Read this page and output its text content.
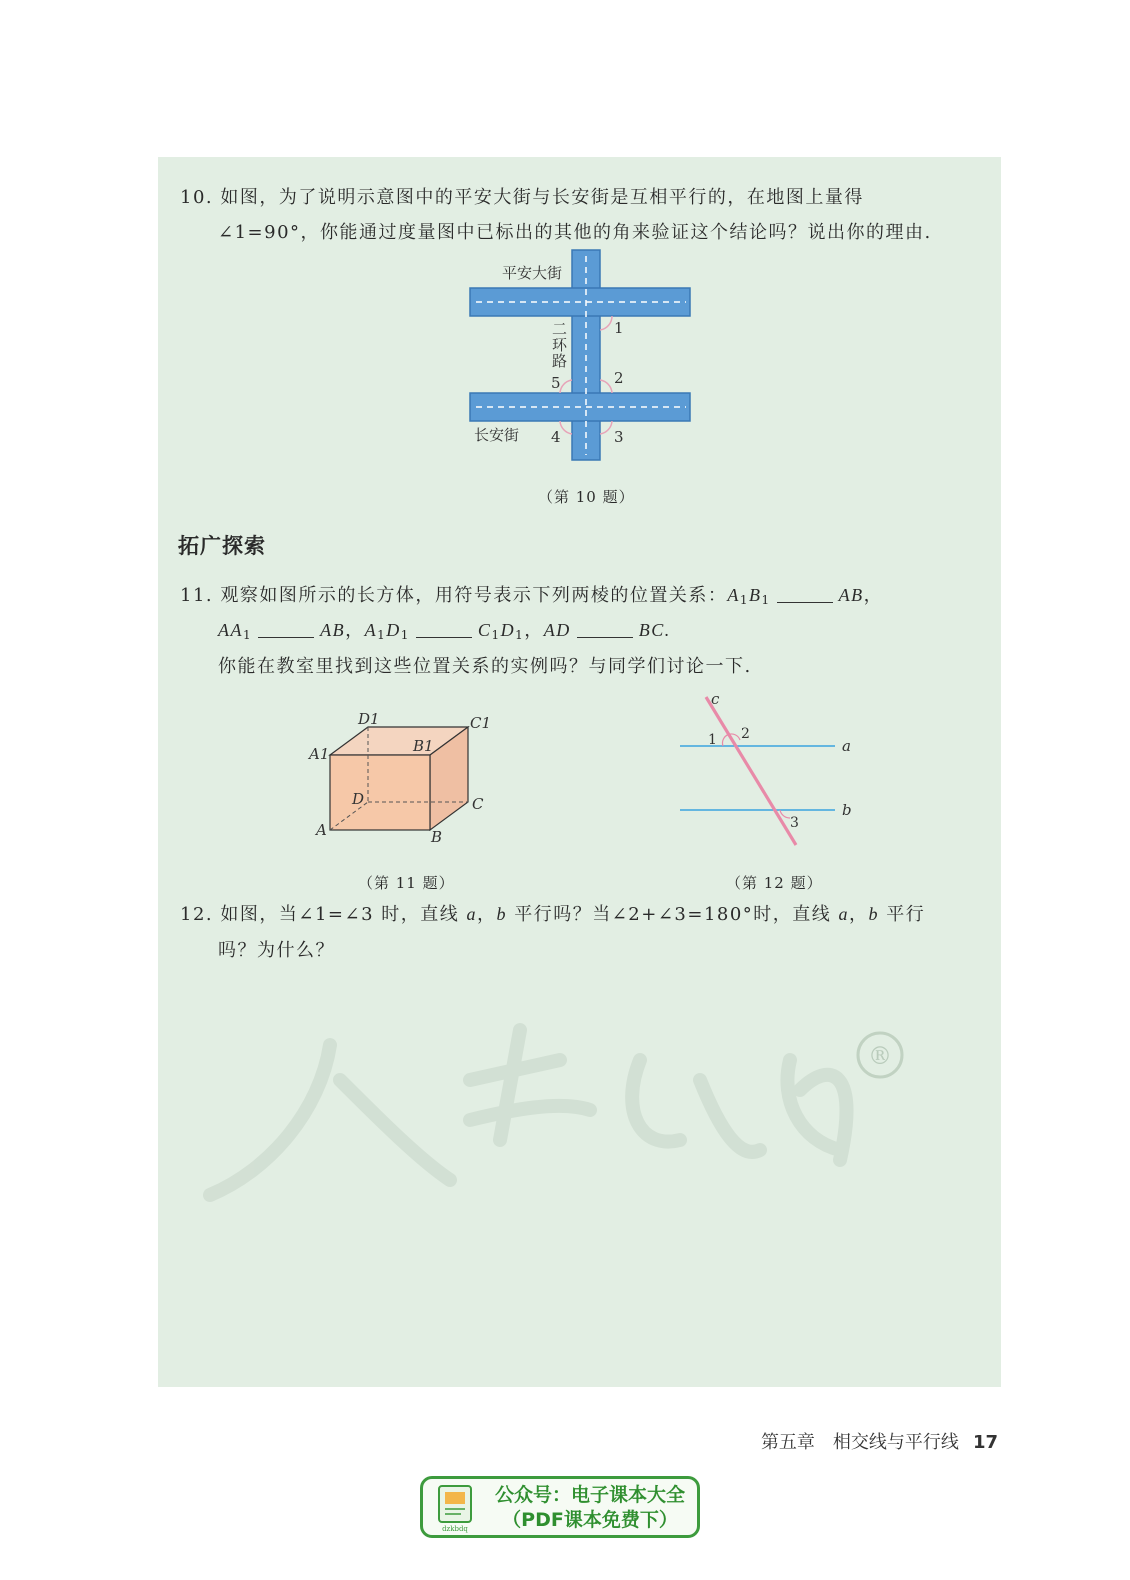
®
10. 如图，为了说明示意图中的平安大街与长安街是互相平行的，在地图上量得
∠1=90°，你能通过度量图中已标出的其他的角来验证这个结论吗？说出你的理由.
平安大街
二
环
路
长安街
1
2
3
4
5
（第 10 题）
拓广探索
11. 观察如图所示的长方体，用符号表示下列两棱的位置关系：$A_1B_1$	AB，
$AA_1$	AB，$A_1D_1$	$C_1D_1$，AD	BC.
你能在教室里找到这些位置关系的实例吗？与同学们讨论一下.
D1	C1
A1	B1
D	C
A	B
（第 11 题）
c
a
b
1 2
3
（第 12 题）
12. 如图，当∠1=∠3 时，直线 a，b 平行吗？当∠2+∠3=180°时，直线 a，b 平行
吗？为什么？
第五章　相交线与平行线 17
dzkbdq
公众号：电子课本大全
（PDF课本免费下）
